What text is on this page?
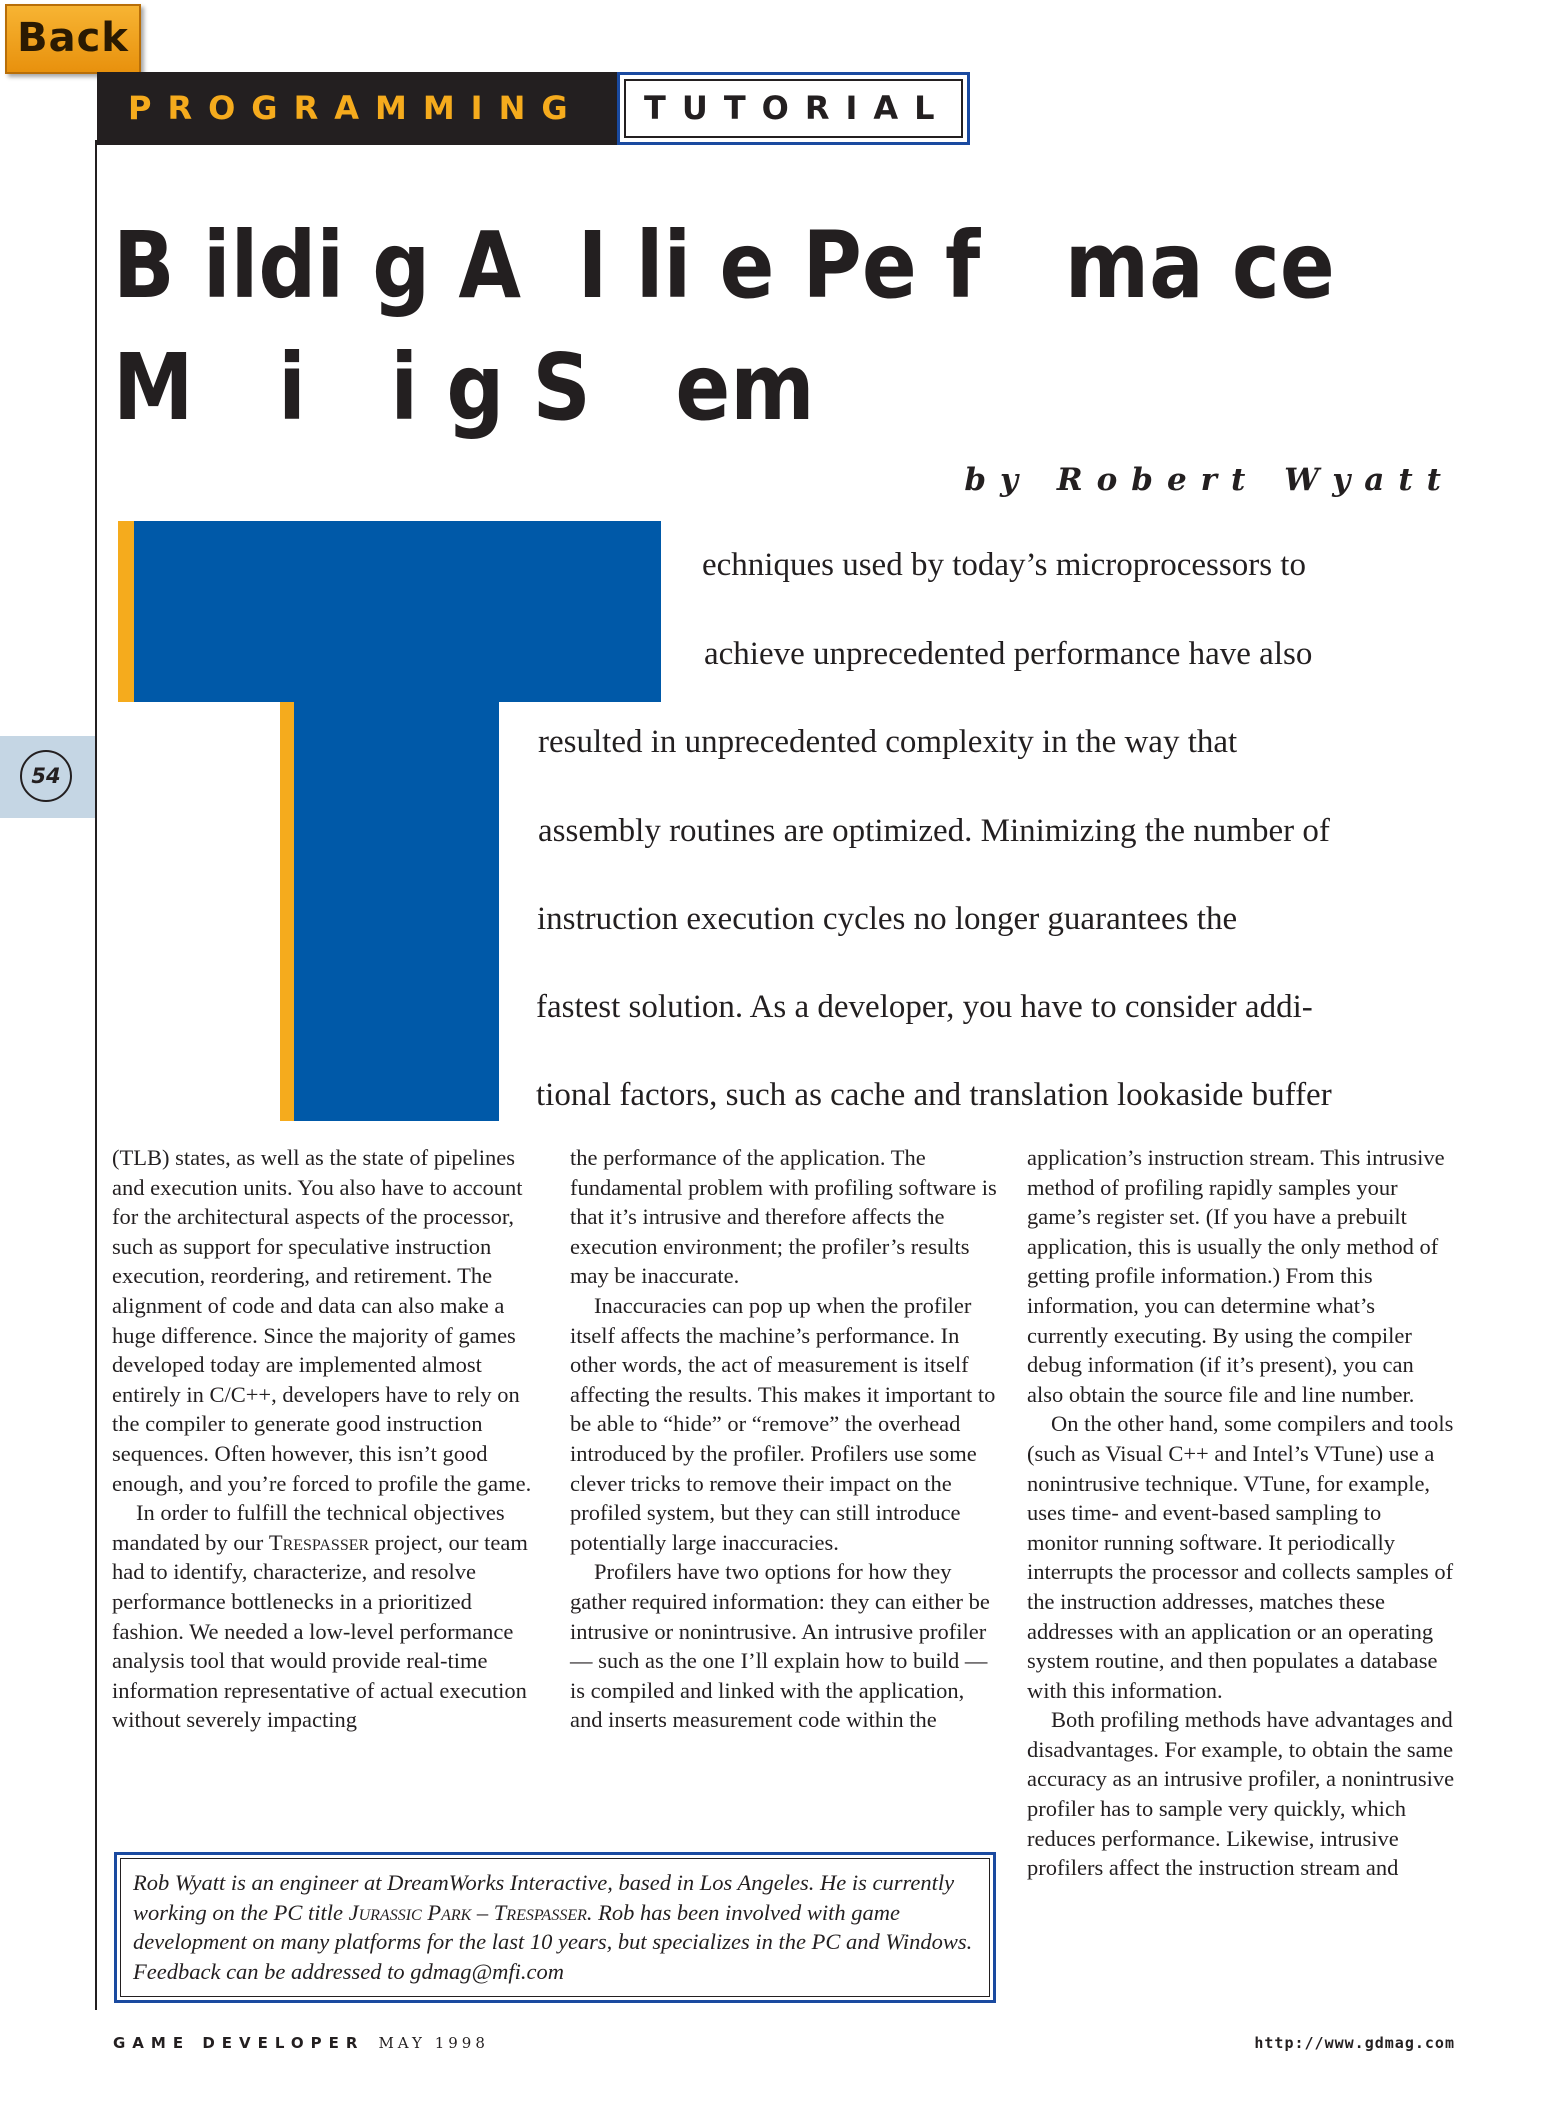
Back
PROGRAMMING	TUTORIAL
B ildi g A  I li e Pe f   ma ce
M   i   i g S   em
by Robert Wyatt
echniques used by today’s microprocessors to
achieve unprecedented performance have also
resulted in unprecedented complexity in the way that
assembly routines are optimized. Minimizing the number of
instruction execution cycles no longer guarantees the
fastest solution. As a developer, you have to consider addi-
tional factors, such as cache and translation lookaside buffer

(TLB) states, as well as the state of pipelines and execution units. You also have to account for the architectural aspects of the processor, such as support for speculative instruction execution, reordering, and retirement. The alignment of code and data can also make a huge difference. Since the majority of games developed today are implemented almost entirely in C/C++, developers have to rely on the compiler to generate good instruction sequences. Often however, this isn’t good enough, and you’re forced to profile the game.

In order to fulfill the technical objectives mandated by our Trespasser project, our team had to identify, characterize, and resolve performance bottlenecks in a prioritized fashion. We needed a low-level performance analysis tool that would provide real-time information representative of actual execution without severely impacting

the performance of the application. The fundamental problem with profiling software is that it’s intrusive and therefore affects the execution environment; the profiler’s results may be inaccurate.

Inaccuracies can pop up when the profiler itself affects the machine’s performance. In other words, the act of measurement is itself affecting the results. This makes it important to be able to “hide” or “remove” the overhead introduced by the profiler. Profilers use some clever tricks to remove their impact on the profiled system, but they can still introduce potentially large inaccuracies.

Profilers have two options for how they gather required information: they can either be intrusive or nonintrusive. An intrusive profiler — such as the one I’ll explain how to build — is compiled and linked with the application, and inserts measurement code within the

application’s instruction stream. This intrusive method of profiling rapidly samples your game’s register set. (If you have a prebuilt application, this is usually the only method of getting profile information.) From this information, you can determine what’s currently executing. By using the compiler debug information (if it’s present), you can also obtain the source file and line number.

On the other hand, some compilers and tools (such as Visual C++ and Intel’s VTune) use a nonintrusive technique. VTune, for example, uses time- and event-based sampling to monitor running software. It periodically interrupts the processor and collects samples of the instruction addresses, matches these addresses with an application or an operating system routine, and then populates a database with this information.

Both profiling methods have advantages and disadvantages. For example, to obtain the same accuracy as an intrusive profiler, a nonintrusive profiler has to sample very quickly, which reduces performance. Likewise, intrusive profilers affect the instruction stream and

Rob Wyatt is an engineer at DreamWorks Interactive, based in Los Angeles. He is currently working on the PC title Jurassic Park – Trespasser. Rob has been involved with game development on many platforms for the last 10 years, but specializes in the PC and Windows. Feedback can be addressed to gdmag@mfi.com
54
GAME DEVELOPER MAY 1998	http://www.gdmag.com
